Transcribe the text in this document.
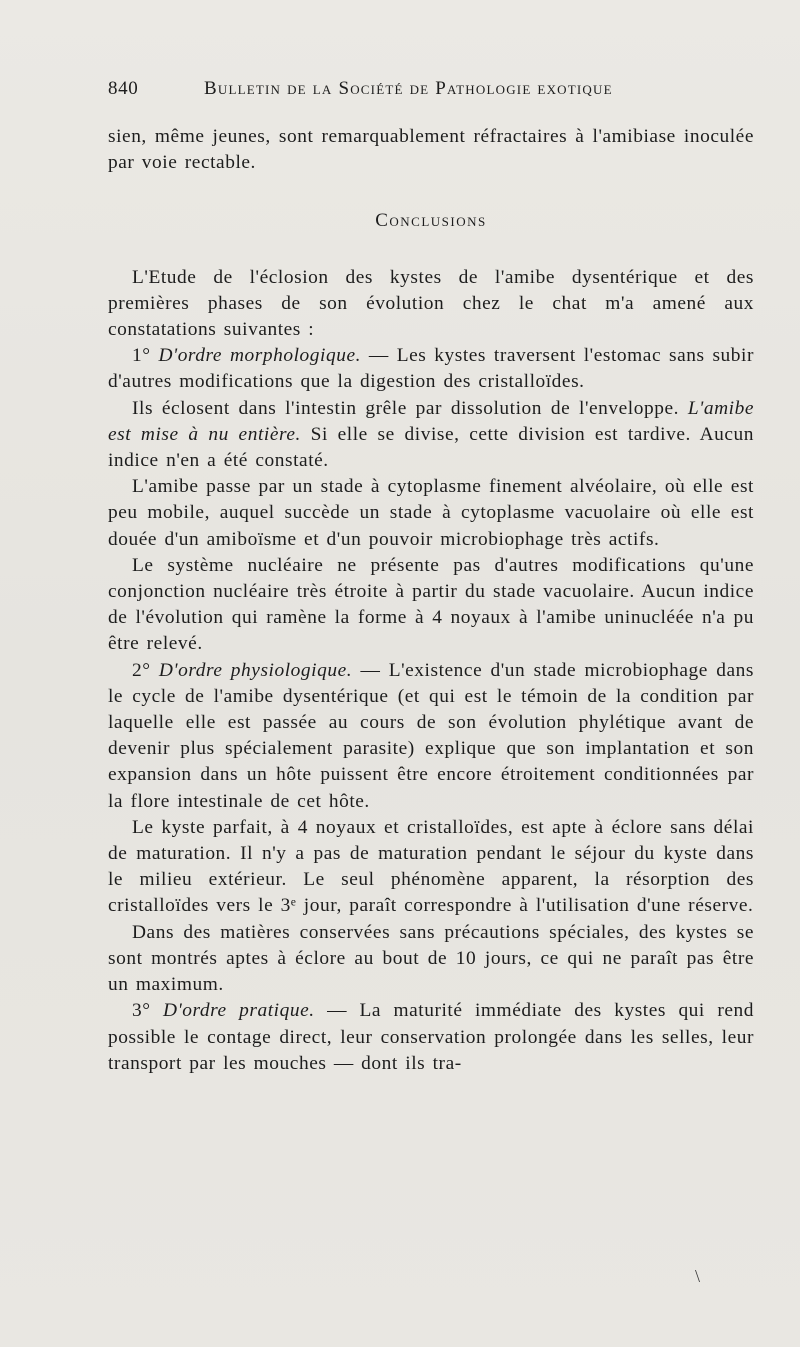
840	Bulletin de la Société de Pathologie exotique

sien, même jeunes, sont remarquablement réfractaires à l'amibiase inoculée par voie rectable.

Conclusions

L'Etude de l'éclosion des kystes de l'amibe dysentérique et des premières phases de son évolution chez le chat m'a amené aux constatations suivantes :

1° D'ordre morphologique. — Les kystes traversent l'estomac sans subir d'autres modifications que la digestion des cristalloïdes.

Ils éclosent dans l'intestin grêle par dissolution de l'enveloppe. L'amibe est mise à nu entière. Si elle se divise, cette division est tardive. Aucun indice n'en a été constaté.

L'amibe passe par un stade à cytoplasme finement alvéolaire, où elle est peu mobile, auquel succède un stade à cytoplasme vacuolaire où elle est douée d'un amiboïsme et d'un pouvoir microbiophage très actifs.

Le système nucléaire ne présente pas d'autres modifications qu'une conjonction nucléaire très étroite à partir du stade vacuolaire. Aucun indice de l'évolution qui ramène la forme à 4 noyaux à l'amibe uninucléée n'a pu être relevé.

2° D'ordre physiologique. — L'existence d'un stade microbiophage dans le cycle de l'amibe dysentérique (et qui est le témoin de la condition par laquelle elle est passée au cours de son évolution phylétique avant de devenir plus spécialement parasite) explique que son implantation et son expansion dans un hôte puissent être encore étroitement conditionnées par la flore intestinale de cet hôte.

Le kyste parfait, à 4 noyaux et cristalloïdes, est apte à éclore sans délai de maturation. Il n'y a pas de maturation pendant le séjour du kyste dans le milieu extérieur. Le seul phénomène apparent, la résorption des cristalloïdes vers le 3ᵉ jour, paraît correspondre à l'utilisation d'une réserve.

Dans des matières conservées sans précautions spéciales, des kystes se sont montrés aptes à éclore au bout de 10 jours, ce qui ne paraît pas être un maximum.

3° D'ordre pratique. — La maturité immédiate des kystes qui rend possible le contage direct, leur conservation prolongée dans les selles, leur transport par les mouches — dont ils tra-

\
